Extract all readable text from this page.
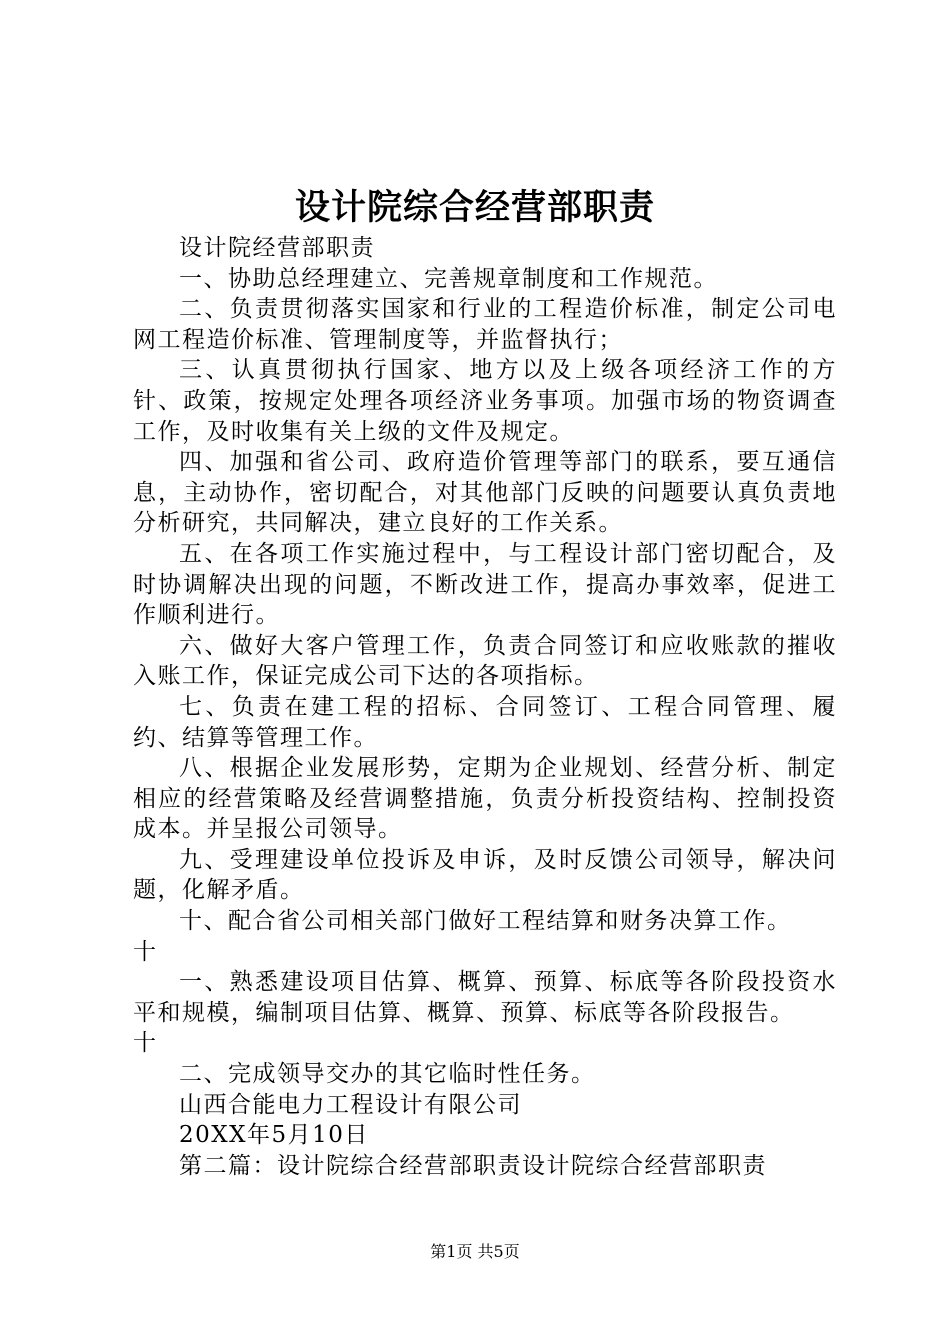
设计院综合经营部职责

设计院经营部职责

一、协助总经理建立、完善规章制度和工作规范。

二、负责贯彻落实国家和行业的工程造价标准，制定公司电网工程造价标准、管理制度等，并监督执行；

三、认真贯彻执行国家、地方以及上级各项经济工作的方针、政策，按规定处理各项经济业务事项。加强市场的物资调查工作，及时收集有关上级的文件及规定。

四、加强和省公司、政府造价管理等部门的联系，要互通信息，主动协作，密切配合，对其他部门反映的问题要认真负责地分析研究，共同解决，建立良好的工作关系。

五、在各项工作实施过程中，与工程设计部门密切配合，及时协调解决出现的问题，不断改进工作，提高办事效率，促进工作顺利进行。

六、做好大客户管理工作，负责合同签订和应收账款的摧收入账工作，保证完成公司下达的各项指标。

七、负责在建工程的招标、合同签订、工程合同管理、履约、结算等管理工作。

八、根据企业发展形势，定期为企业规划、经营分析、制定相应的经营策略及经营调整措施，负责分析投资结构、控制投资成本。并呈报公司领导。

九、受理建设单位投诉及申诉，及时反馈公司领导，解决问题，化解矛盾。

十、配合省公司相关部门做好工程结算和财务决算工作。

十

一、熟悉建设项目估算、概算、预算、标底等各阶段投资水平和规模，编制项目估算、概算、预算、标底等各阶段报告。

十

二、完成领导交办的其它临时性任务。

山西合能电力工程设计有限公司

20XX年5月10日

第二篇：设计院综合经营部职责设计院综合经营部职责

第1页 共5页
